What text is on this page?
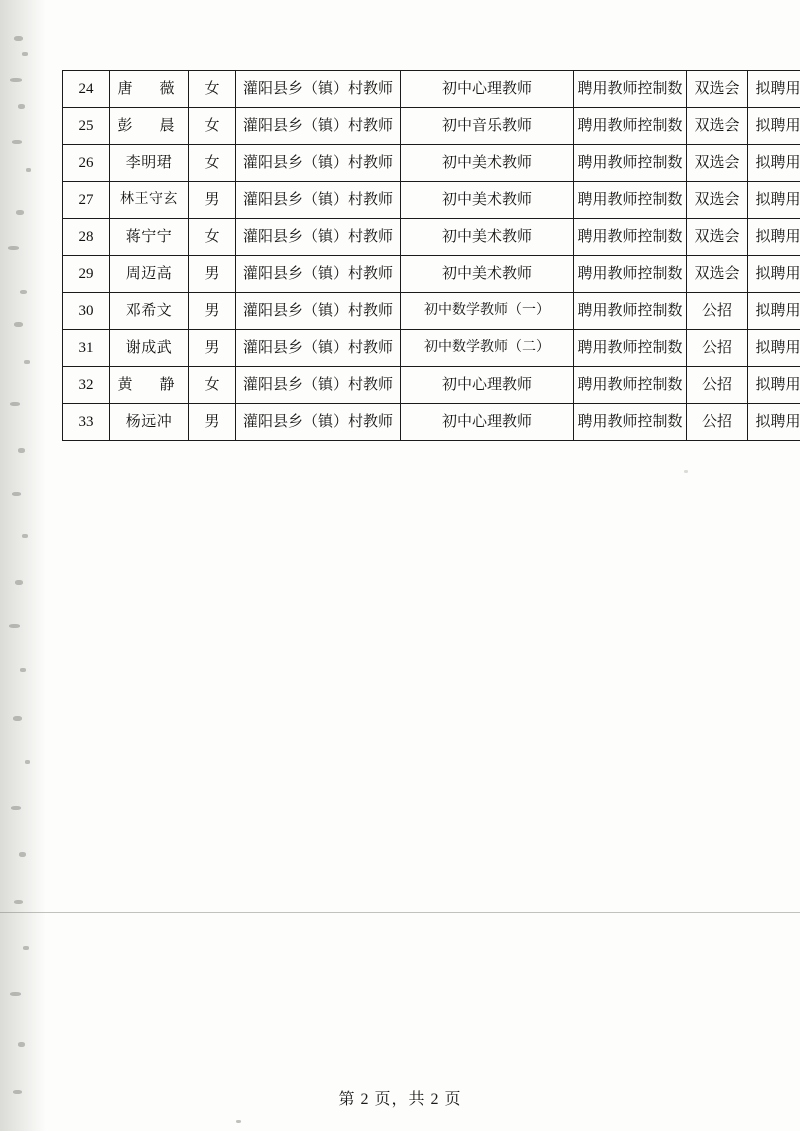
24	唐　薇	女	灌阳县乡（镇）村教师	初中心理教师	聘用教师控制数	双选会	拟聘用
25	彭　晨	女	灌阳县乡（镇）村教师	初中音乐教师	聘用教师控制数	双选会	拟聘用
26	李明珺	女	灌阳县乡（镇）村教师	初中美术教师	聘用教师控制数	双选会	拟聘用
27	林王守玄	男	灌阳县乡（镇）村教师	初中美术教师	聘用教师控制数	双选会	拟聘用
28	蒋宁宁	女	灌阳县乡（镇）村教师	初中美术教师	聘用教师控制数	双选会	拟聘用
29	周迈高	男	灌阳县乡（镇）村教师	初中美术教师	聘用教师控制数	双选会	拟聘用
30	邓希文	男	灌阳县乡（镇）村教师	初中数学教师（一）	聘用教师控制数	公招	拟聘用
31	谢成武	男	灌阳县乡（镇）村教师	初中数学教师（二）	聘用教师控制数	公招	拟聘用
32	黄　静	女	灌阳县乡（镇）村教师	初中心理教师	聘用教师控制数	公招	拟聘用
33	杨远冲	男	灌阳县乡（镇）村教师	初中心理教师	聘用教师控制数	公招	拟聘用
第 2 页，共 2 页
